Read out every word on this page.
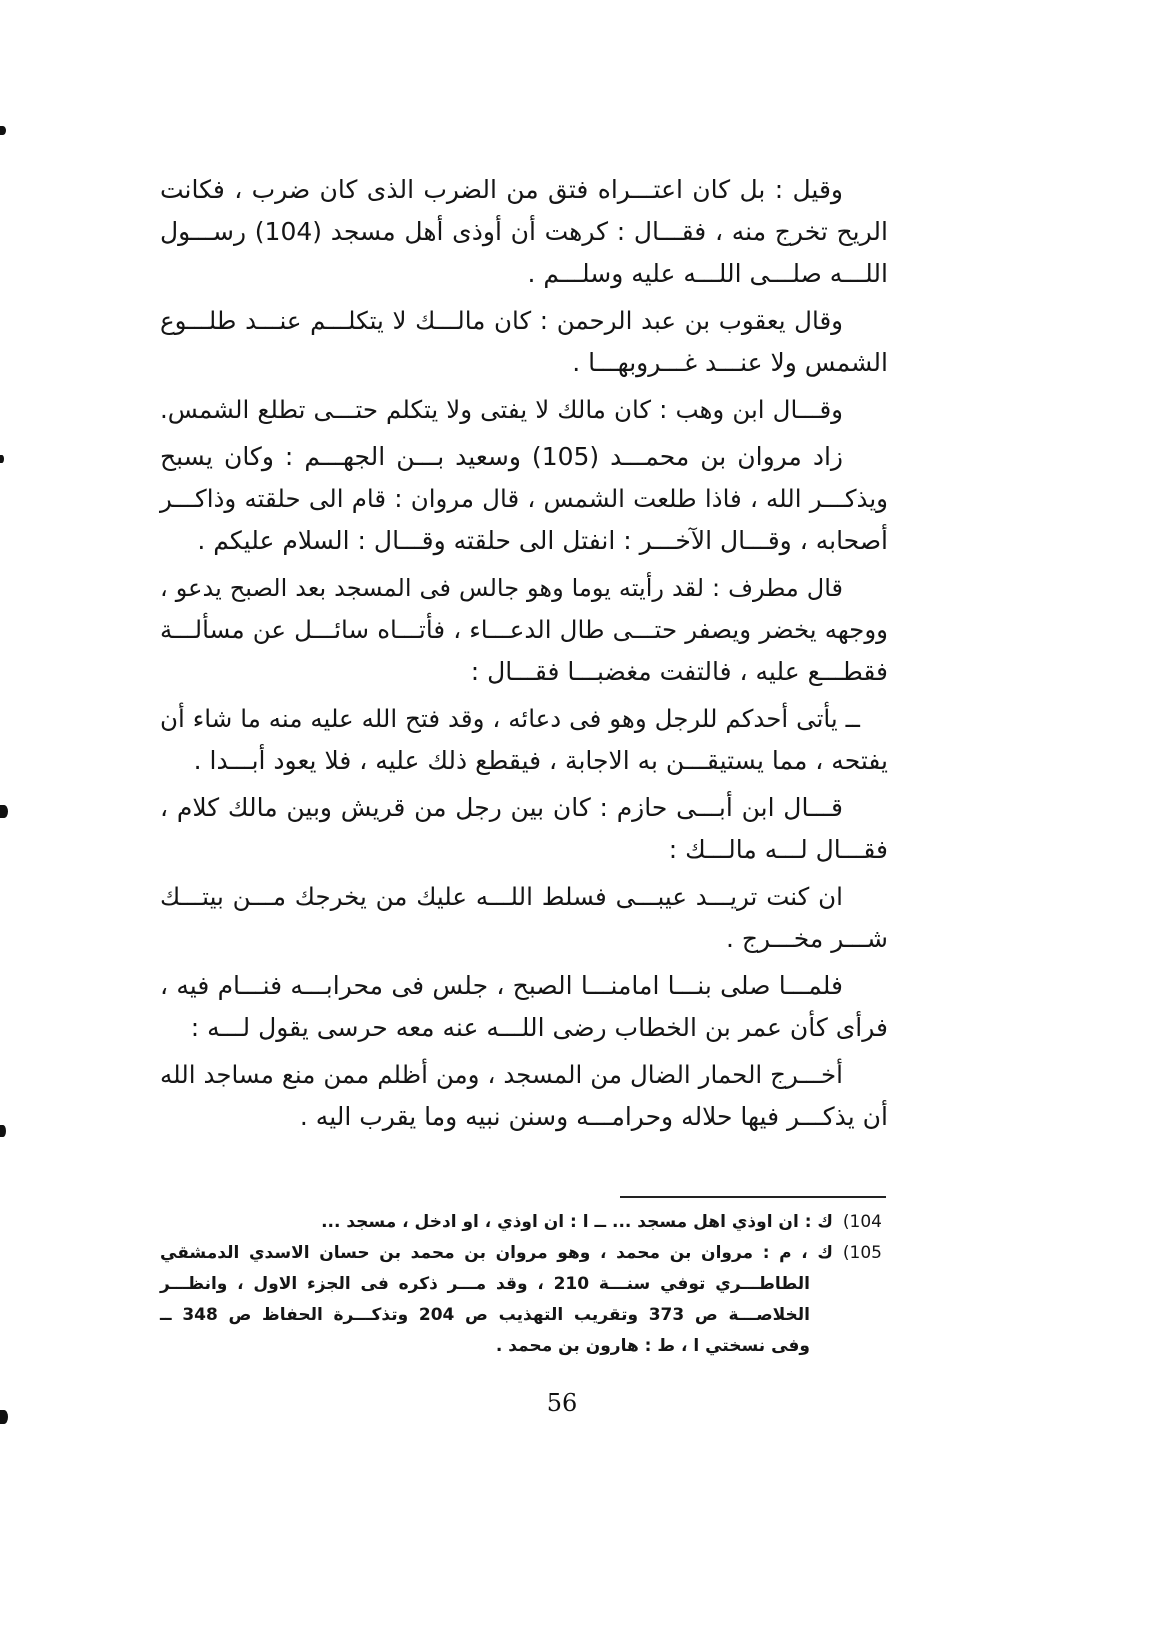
وقيل : بل كان اعتـــراه فتق من الضرب الذى كان ضرب ، فكانت
الريح تخرج منه ، فقـــال : كرهت أن أوذى أهل مسجد (104) رســـول
اللـــه صلـــى اللـــه عليه وسلـــم .
وقال يعقوب بن عبد الرحمن : كان مالـــك لا يتكلـــم عنـــد طلـــوع
الشمس ولا عنـــد غـــروبهـــا .
وقـــال ابن وهب : كان مالك لا يفتى ولا يتكلم حتـــى تطلع الشمس.
زاد مروان بن محمـــد (105) وسعيد بـــن الجهـــم : وكان يسبح
ويذكـــر الله ، فاذا طلعت الشمس ، قال مروان : قام الى حلقته وذاكـــر
أصحابه ، وقـــال الآخـــر : انفتل الى حلقته وقـــال : السلام عليكم .
قال مطرف : لقد رأيته يوما وهو جالس فى المسجد بعد الصبح يدعو ،
ووجهه يخضر ويصفر حتـــى طال الدعـــاء ، فأتـــاه سائـــل عن مسألـــة
فقطـــع عليه ، فالتفت مغضبـــا فقـــال :
ــ يأتى أحدكم للرجل وهو فى دعائه ، وقد فتح الله عليه منه ما شاء أن
يفتحه ، مما يستيقـــن به الاجابة ، فيقطع ذلك عليه ، فلا يعود أبـــدا .
قـــال ابن أبـــى حازم : كان بين رجل من قريش وبين مالك كلام ،
فقـــال لـــه مالـــك :
ان كنت تريـــد عيبـــى فسلط اللـــه عليك من يخرجك مـــن بيتـــك
شـــر مخـــرج .
فلمـــا صلى بنـــا امامنـــا الصبح ، جلس فى محرابـــه فنـــام فيه ،
فرأى كأن عمر بن الخطاب رضى اللـــه عنه معه حرسى يقول لـــه :
أخـــرج الحمار الضال من المسجد ، ومن أظلم ممن منع مساجد الله
أن يذكـــر فيها حلاله وحرامـــه وسنن نبيه وما يقرب اليه .
(104
ك : ان اوذي اهل مسجد ... ــ ا : ان اوذي ، او ادخل ، مسجد ...
(105
ك ، م : مروان بن محمد ، وهو مروان بن محمد بن حسان الاسدي الدمشقي
الطاطـــري توفي سنـــة 210 ، وقد مـــر ذكره فى الجزء الاول ، وانظـــر
الخلاصـــة ص 373 وتقريب التهذيب ص 204 وتذكـــرة الحفاظ ص 348 ــ
وفى نسختي ا ، ط : هارون بن محمد .
56
